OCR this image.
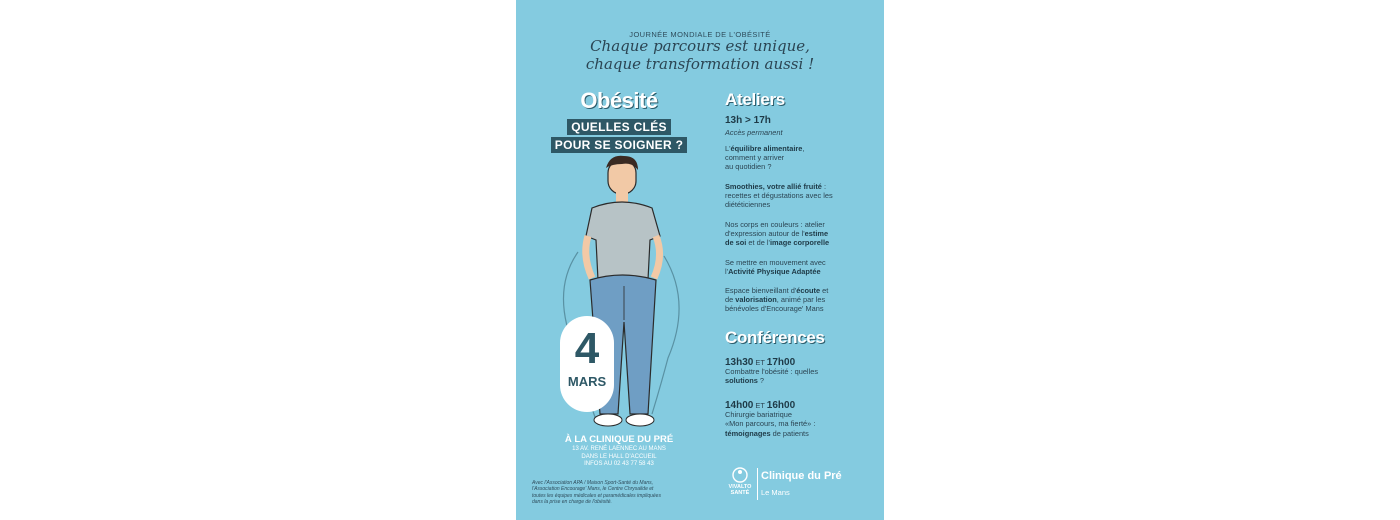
JOURNÉE MONDIALE DE L'OBÉSITÉ
Chaque parcours est unique,
chaque transformation aussi !
Obésité
QUELLES CLÉS
POUR SE SOIGNER ?
4
MARS
À LA CLINIQUE DU PRÉ
13 AV. RENÉ LAENNEC AU MANS
DANS LE HALL D'ACCUEIL
INFOS AU 02 43 77 58 43
Avec l'Association APA / Maison Sport-Santé du Mans,
l'Association Encourage' Mans, le Centre Chrysalide et
toutes les équipes médicales et paramédicales impliquées
dans la prise en charge de l'obésité.
Ateliers
13h > 17h
Accès permanent
L'équilibre alimentaire,
comment y arriver
au quotidien ?
Smoothies, votre allié fruité :
recettes et dégustations avec les
diététiciennes
Nos corps en couleurs : atelier
d'expression autour de l'estime
de soi et de l'image corporelle
Se mettre en mouvement avec
l'Activité Physique Adaptée
Espace bienveillant d'écoute et
de valorisation, animé par les
bénévoles d'Encourage' Mans
Conférences
13h30 ET 17h00
Combattre l'obésité : quelles
solutions ?
14h00 ET 16h00
Chirurgie bariatrique
«Mon parcours, ma fierté» :
témoignages de patients
VIVALTO
SANTÉ
Clinique du Pré
Le Mans
